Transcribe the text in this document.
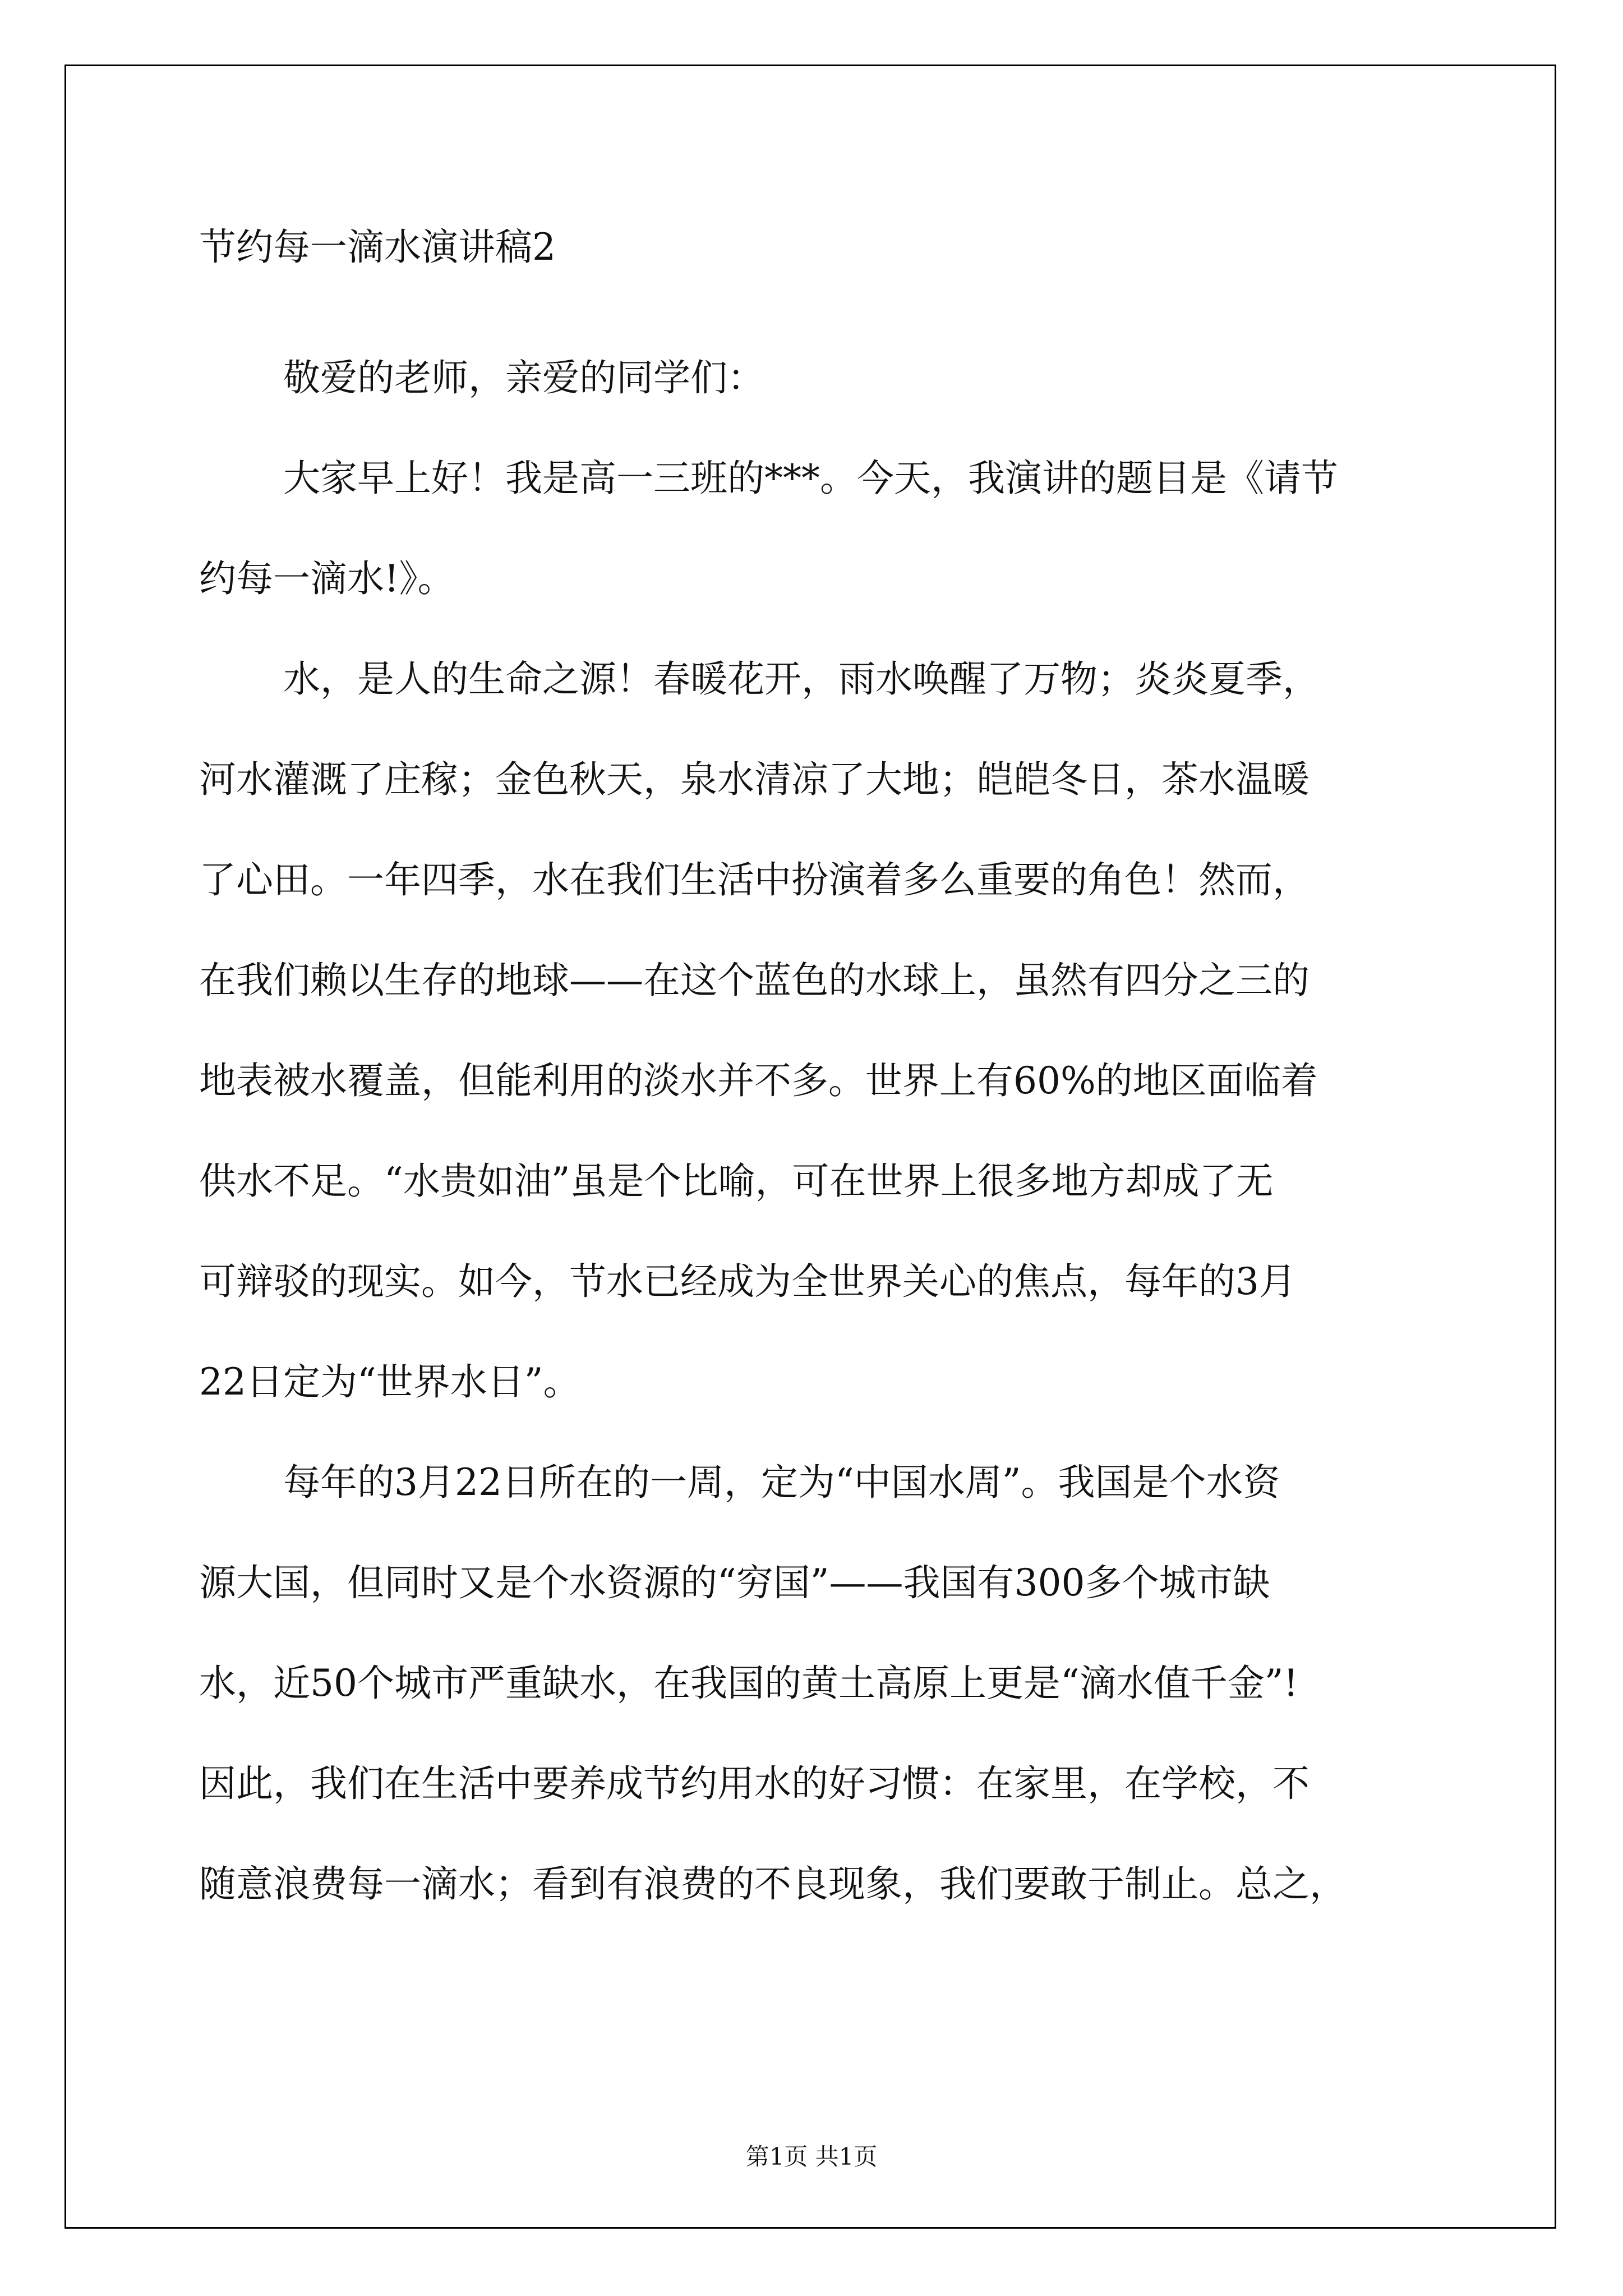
节约每一滴水演讲稿2
敬爱的老师，亲爱的同学们：
大家早上好！我是高一三班的***。今天，我演讲的题目是《请节
约每一滴水!》。
水，是人的生命之源！春暖花开，雨水唤醒了万物；炎炎夏季，
河水灌溉了庄稼；金色秋天，泉水清凉了大地；皑皑冬日，茶水温暖
了心田。一年四季，水在我们生活中扮演着多么重要的角色！然而，
在我们赖以生存的地球——在这个蓝色的水球上，虽然有四分之三的
地表被水覆盖，但能利用的淡水并不多。世界上有60%的地区面临着
供水不足。“水贵如油”虽是个比喻，可在世界上很多地方却成了无
可辩驳的现实。如今，节水已经成为全世界关心的焦点，每年的3月
22日定为“世界水日”。
每年的3月22日所在的一周，定为“中国水周”。我国是个水资
源大国，但同时又是个水资源的“穷国”——我国有300多个城市缺
水，近50个城市严重缺水，在我国的黄土高原上更是“滴水值千金”!
因此，我们在生活中要养成节约用水的好习惯：在家里，在学校，不
随意浪费每一滴水；看到有浪费的不良现象，我们要敢于制止。总之，
第1页 共1页
